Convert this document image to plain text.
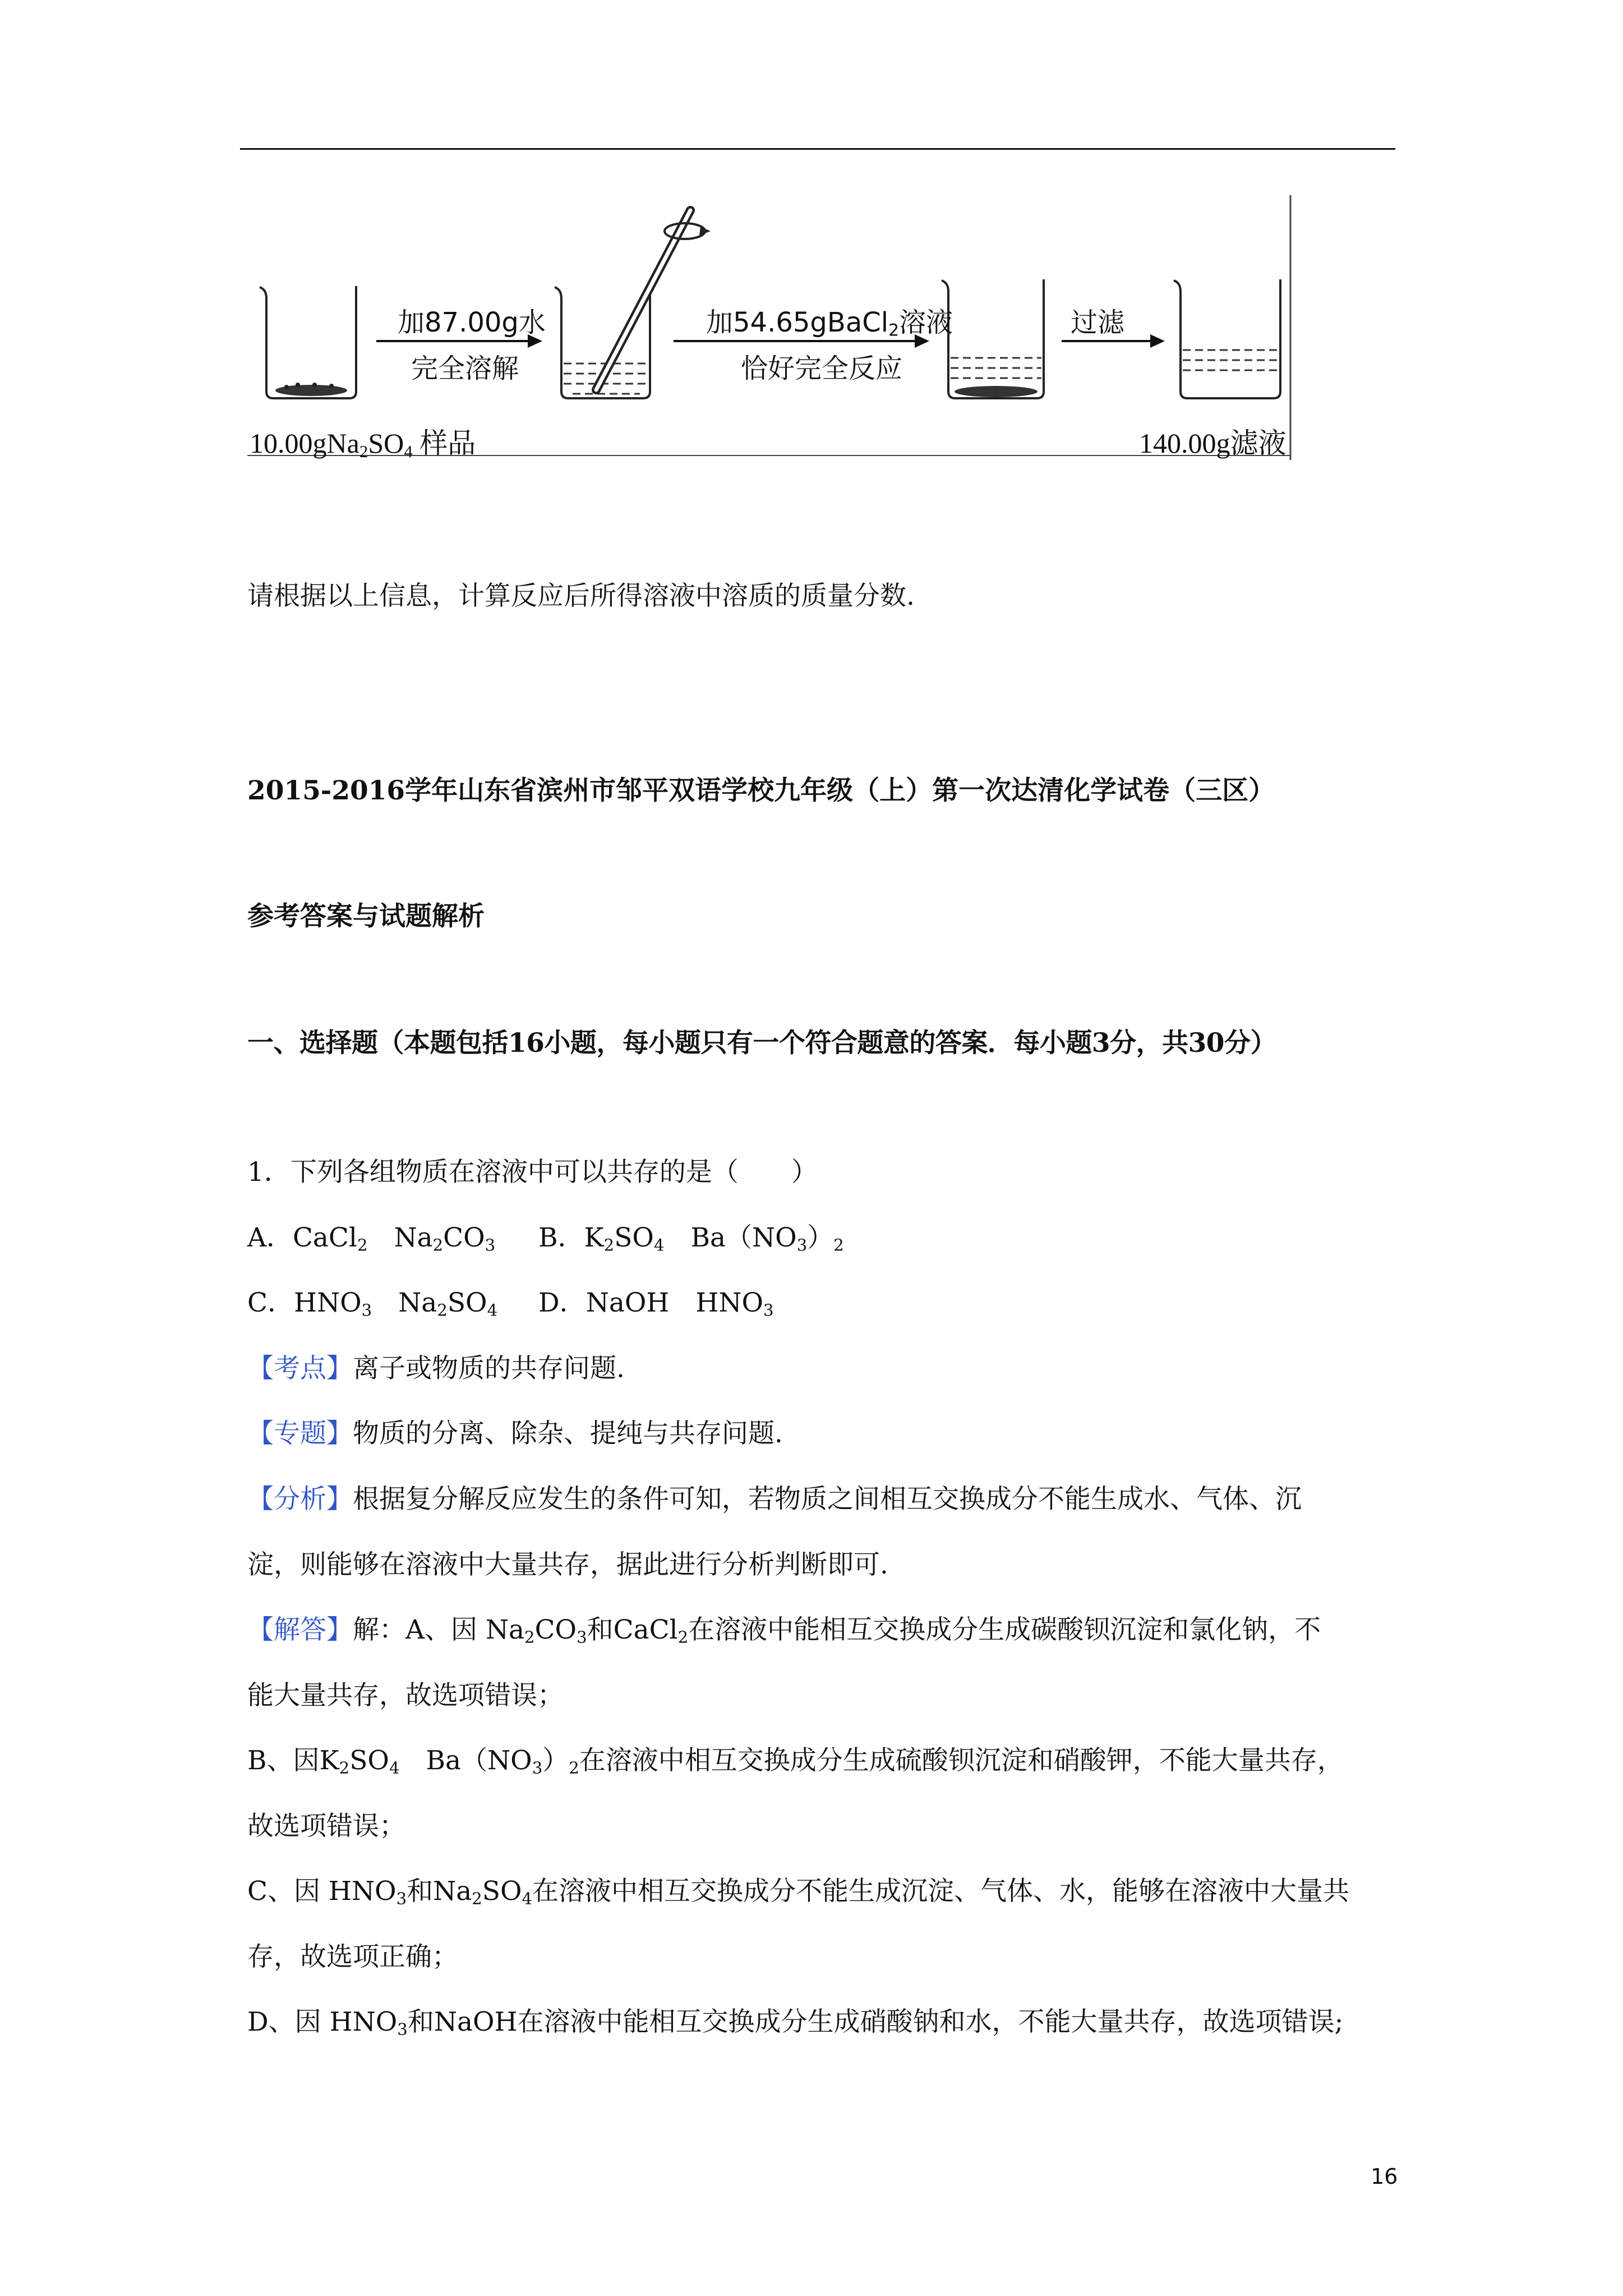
加87.00g水
完全溶解
加54.65gBaCl$_2$溶液
恰好完全反应
过滤
$10.00gNa_2SO_4$ 样品	140.00g滤液
请根据以上信息，计算反应后所得溶液中溶质的质量分数.
2015-2016学年山东省滨州市邹平双语学校九年级（上）第一次达清化学试卷（三区）
参考答案与试题解析
一、选择题（本题包括16小题，每小题只有一个符合题意的答案．每小题3分，共30分）
1．下列各组物质在溶液中可以共存的是（　　）
A．CaCl$_2$　$Na_2CO_3$ B．$K_2SO_4$　$Ba(NO_3)_2$
C．$HNO_3$　$Na_2SO_4$ D．NaOH　$HNO_3$
【考点】离子或物质的共存问题.
【专题】物质的分离、除杂、提纯与共存问题.
【分析】根据复分解反应发生的条件可知，若物质之间相互交换成分不能生成水、气体、沉
淀，则能够在溶液中大量共存，据此进行分析判断即可.
【解答】解：A、因 $Na_2CO_3$和CaCl$_2$在溶液中能相互交换成分生成碳酸钡沉淀和氯化钠，不
能大量共存，故选项错误；
B、因$K_2SO_4$　$Ba(NO_3)_2$在溶液中相互交换成分生成硫酸钡沉淀和硝酸钾，不能大量共存，
故选项错误；
C、因 $HNO_3$和$Na_2SO_4$在溶液中相互交换成分不能生成沉淀、气体、水，能够在溶液中大量共
存，故选项正确；
D、因 $HNO_3$和NaOH在溶液中能相互交换成分生成硝酸钠和水，不能大量共存，故选项错误;
16
